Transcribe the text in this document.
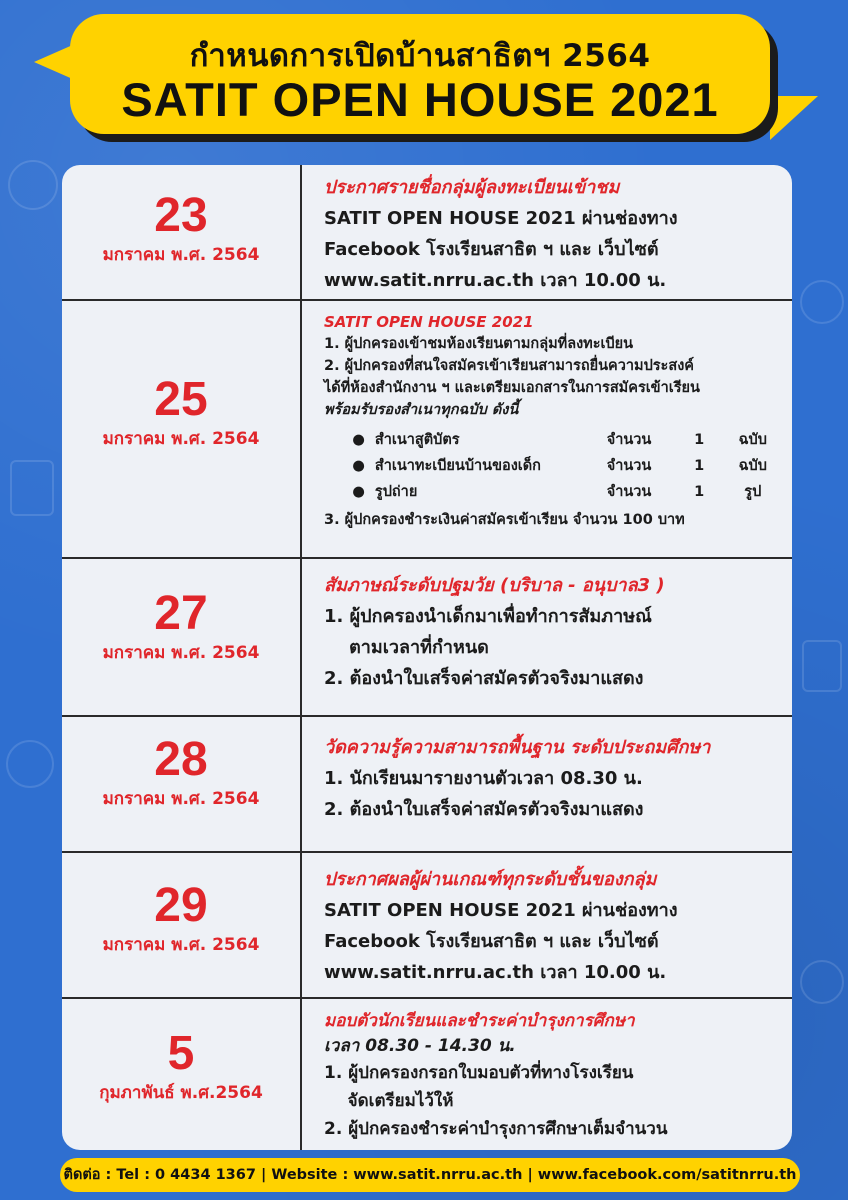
กำหนดการเปิดบ้านสาธิตฯ 2564
SATIT OPEN HOUSE 2021
23
มกราคม พ.ศ. 2564
ประกาศรายชื่อกลุ่มผู้ลงทะเบียนเข้าชม
SATIT OPEN HOUSE 2021 ผ่านช่องทาง
Facebook โรงเรียนสาธิต ฯ และ เว็บไซต์
www.satit.nrru.ac.th เวลา 10.00 น.
25
มกราคม พ.ศ. 2564
SATIT OPEN HOUSE 2021
1. ผู้ปกครองเข้าชมห้องเรียนตามกลุ่มที่ลงทะเบียน
2. ผู้ปกครองที่สนใจสมัครเข้าเรียนสามารถยื่นความประสงค์
ได้ที่ห้องสำนักงาน ฯ และเตรียมเอกสารในการสมัครเข้าเรียน
พร้อมรับรองสำเนาทุกฉบับ ดังนี้
● สำเนาสูติบัตร	จำนวน	1	ฉบับ
● สำเนาทะเบียนบ้านของเด็ก	จำนวน	1	ฉบับ
● รูปถ่าย	จำนวน	1	รูป
3. ผู้ปกครองชำระเงินค่าสมัครเข้าเรียน จำนวน 100 บาท
27
มกราคม พ.ศ. 2564
สัมภาษณ์ระดับปฐมวัย (บริบาล - อนุบาล3 )
1. ผู้ปกครองนำเด็กมาเพื่อทำการสัมภาษณ์
ตามเวลาที่กำหนด
2. ต้องนำใบเสร็จค่าสมัครตัวจริงมาแสดง
28
มกราคม พ.ศ. 2564
วัดความรู้ความสามารถพื้นฐาน ระดับประถมศึกษา
1. นักเรียนมารายงานตัวเวลา 08.30 น.
2. ต้องนำใบเสร็จค่าสมัครตัวจริงมาแสดง
29
มกราคม พ.ศ. 2564
ประกาศผลผู้ผ่านเกณฑ์ทุกระดับชั้นของกลุ่ม
SATIT OPEN HOUSE 2021 ผ่านช่องทาง
Facebook โรงเรียนสาธิต ฯ และ เว็บไซต์
www.satit.nrru.ac.th เวลา 10.00 น.
5
กุมภาพันธ์ พ.ศ.2564
มอบตัวนักเรียนและชำระค่าบำรุงการศึกษา
เวลา 08.30 - 14.30 น.
1. ผู้ปกครองกรอกใบมอบตัวที่ทางโรงเรียน
จัดเตรียมไว้ให้
2. ผู้ปกครองชำระค่าบำรุงการศึกษาเต็มจำนวน
ติดต่อ : Tel : 0 4434 1367 | Website : www.satit.nrru.ac.th | www.facebook.com/satitnrru.th
